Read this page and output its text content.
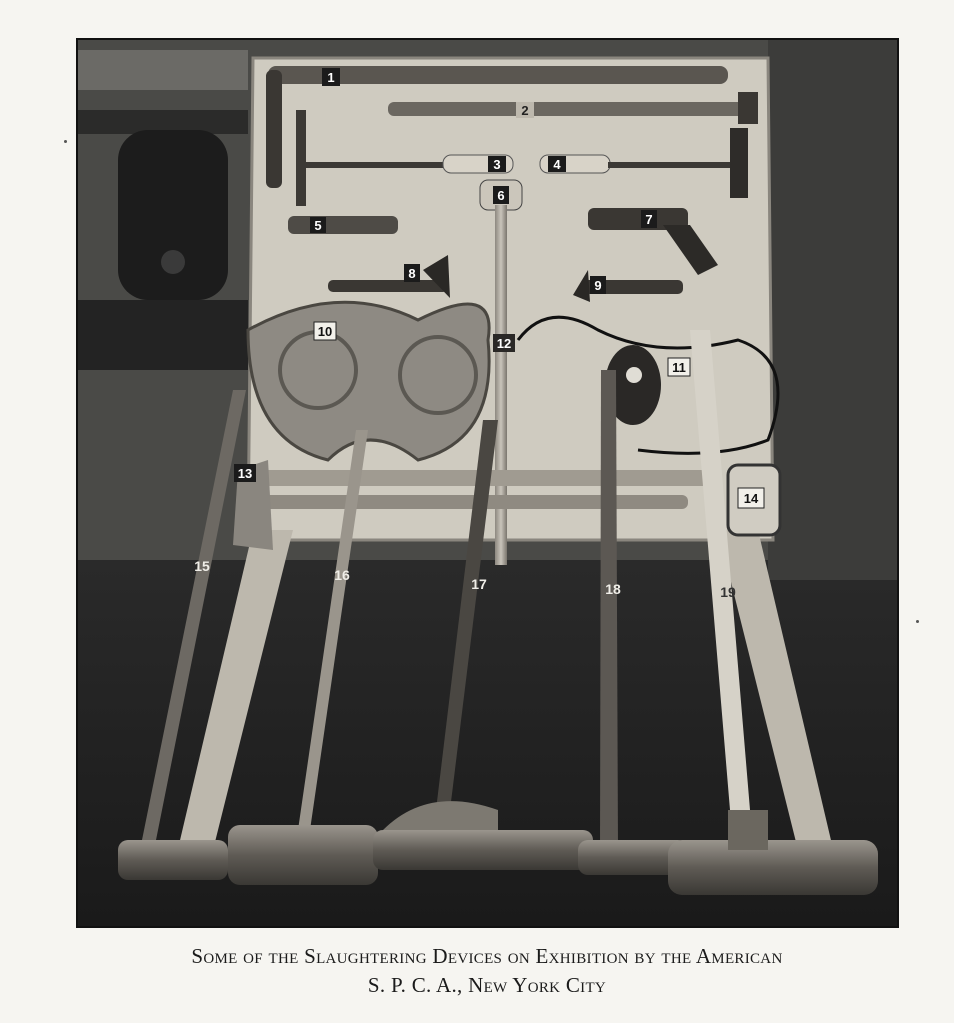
1
2
3	4
5
6
7
8
9
10
11
12
13
14
15
16
17	18	19
Some of the Slaughtering Devices on Exhibition by the American
S. P. C. A., New York City
